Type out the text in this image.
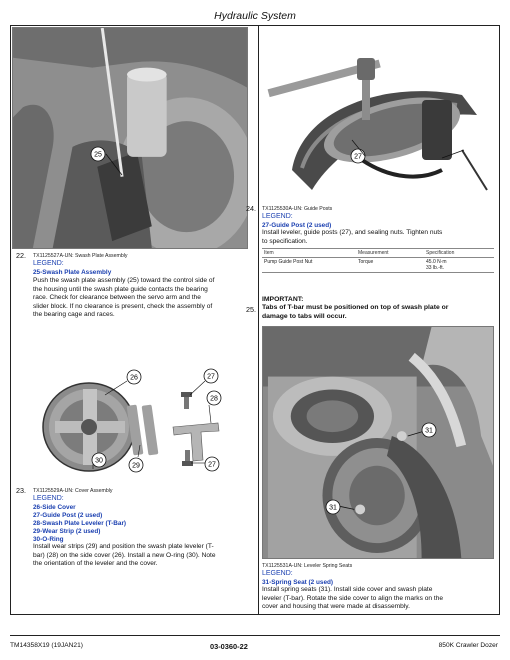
Hydraulic System
25
22. TX1125527A-UN: Swash Plate Assembly
LEGEND:
25-Swash Plate Assembly
Push the swash plate assembly (25) toward the control side of
the housing until the swash plate guide contacts the bearing
race. Check for clearance between the servo arm and the
slider block. If no clearance is present, check the assembly of
the bearing cage and races.
26	27
28
29
30
27
23. TX1125529A-UN: Cover Assembly
LEGEND:
26-Side Cover
27-Guide Post (2 used)
28-Swash Plate Leveler (T-Bar)
29-Wear Strip (2 used)
30-O-Ring
Install wear strips (29) and position the swash plate leveler (T-
bar) (28) on the side cover (26). Install a new O-ring (30). Note
the orientation of the leveler and the cover.
27
24. TX1125530A-UN: Guide Posts
LEGEND:
27-Guide Post (2 used)
Install leveler, guide posts (27), and sealing nuts. Tighten nuts
to specification.
Item	Measurement	Specification
Pump Guide Post Nut	Torque	45.0 N·m
33 lb.-ft.
IMPORTANT:
25. Tabs of T-bar must be positioned on top of swash plate or
damage to tabs will occur.
31
31
TX1125531A-UN: Leveler Spring Seats
LEGEND:
31-Spring Seat (2 used)
Install spring seats (31). Install side cover and swash plate
leveler (T-bar). Rotate the side cover to align the marks on the
cover and housing that were made at disassembly.
TM14358X19 (19JAN21)	03-0360-22	850K Crawler Dozer
